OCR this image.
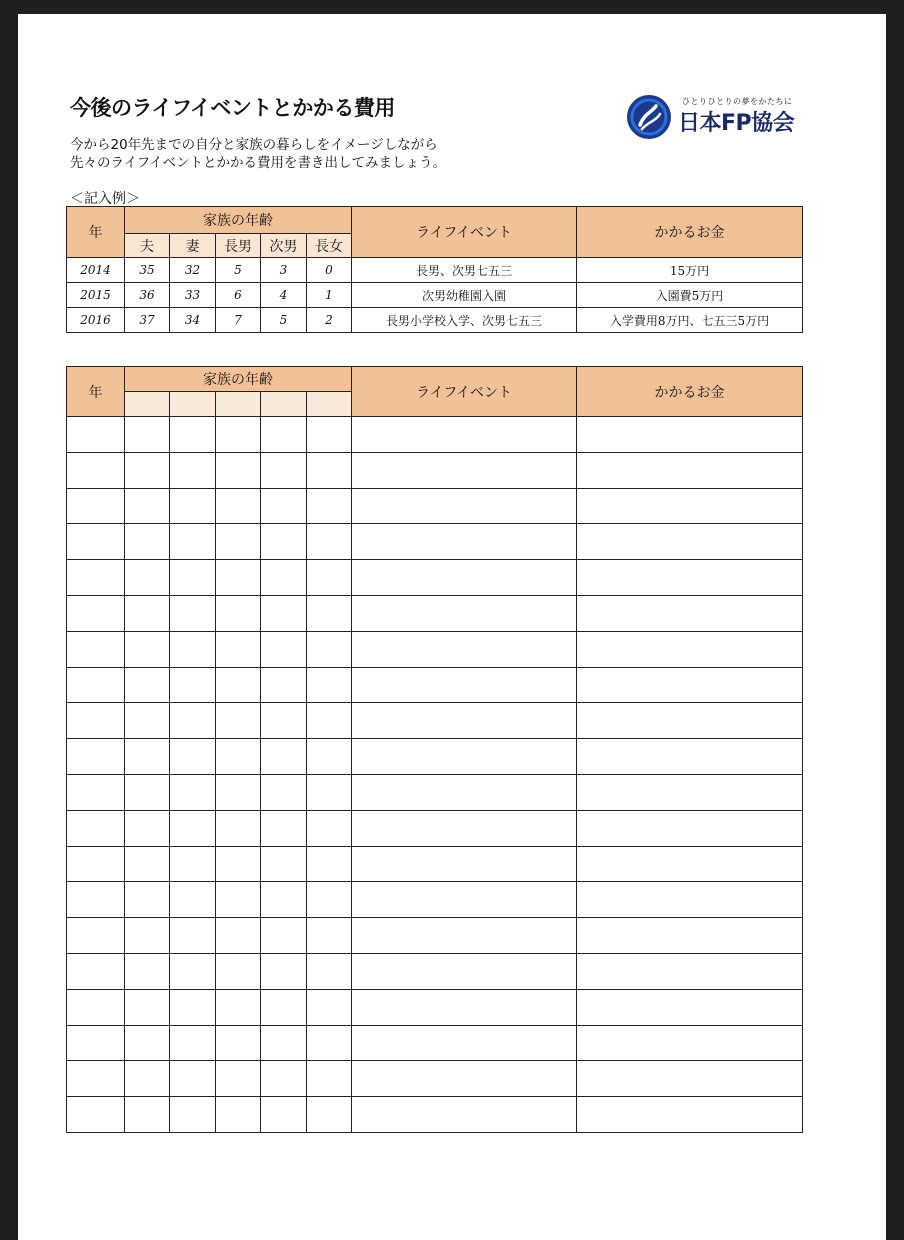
今後のライフイベントとかかる費用

今から20年先までの自分と家族の暮らしをイメージしながら
先々のライフイベントとかかる費用を書き出してみましょう。

ひとりひとりの夢をかたちに
日本FP協会
＜記入例＞
年	家族の年齢					ライフイベント	かかるお金
	夫	妻	長男	次男	長女		
2014	35	32	5	3	0	長男、次男七五三	15万円
2015	36	33	6	4	1	次男幼稚園入園	入園費5万円
2016	37	34	7	5	2	長男小学校入学、次男七五三	入学費用8万円、七五三5万円
年	家族の年齢					ライフイベント	かかるお金
